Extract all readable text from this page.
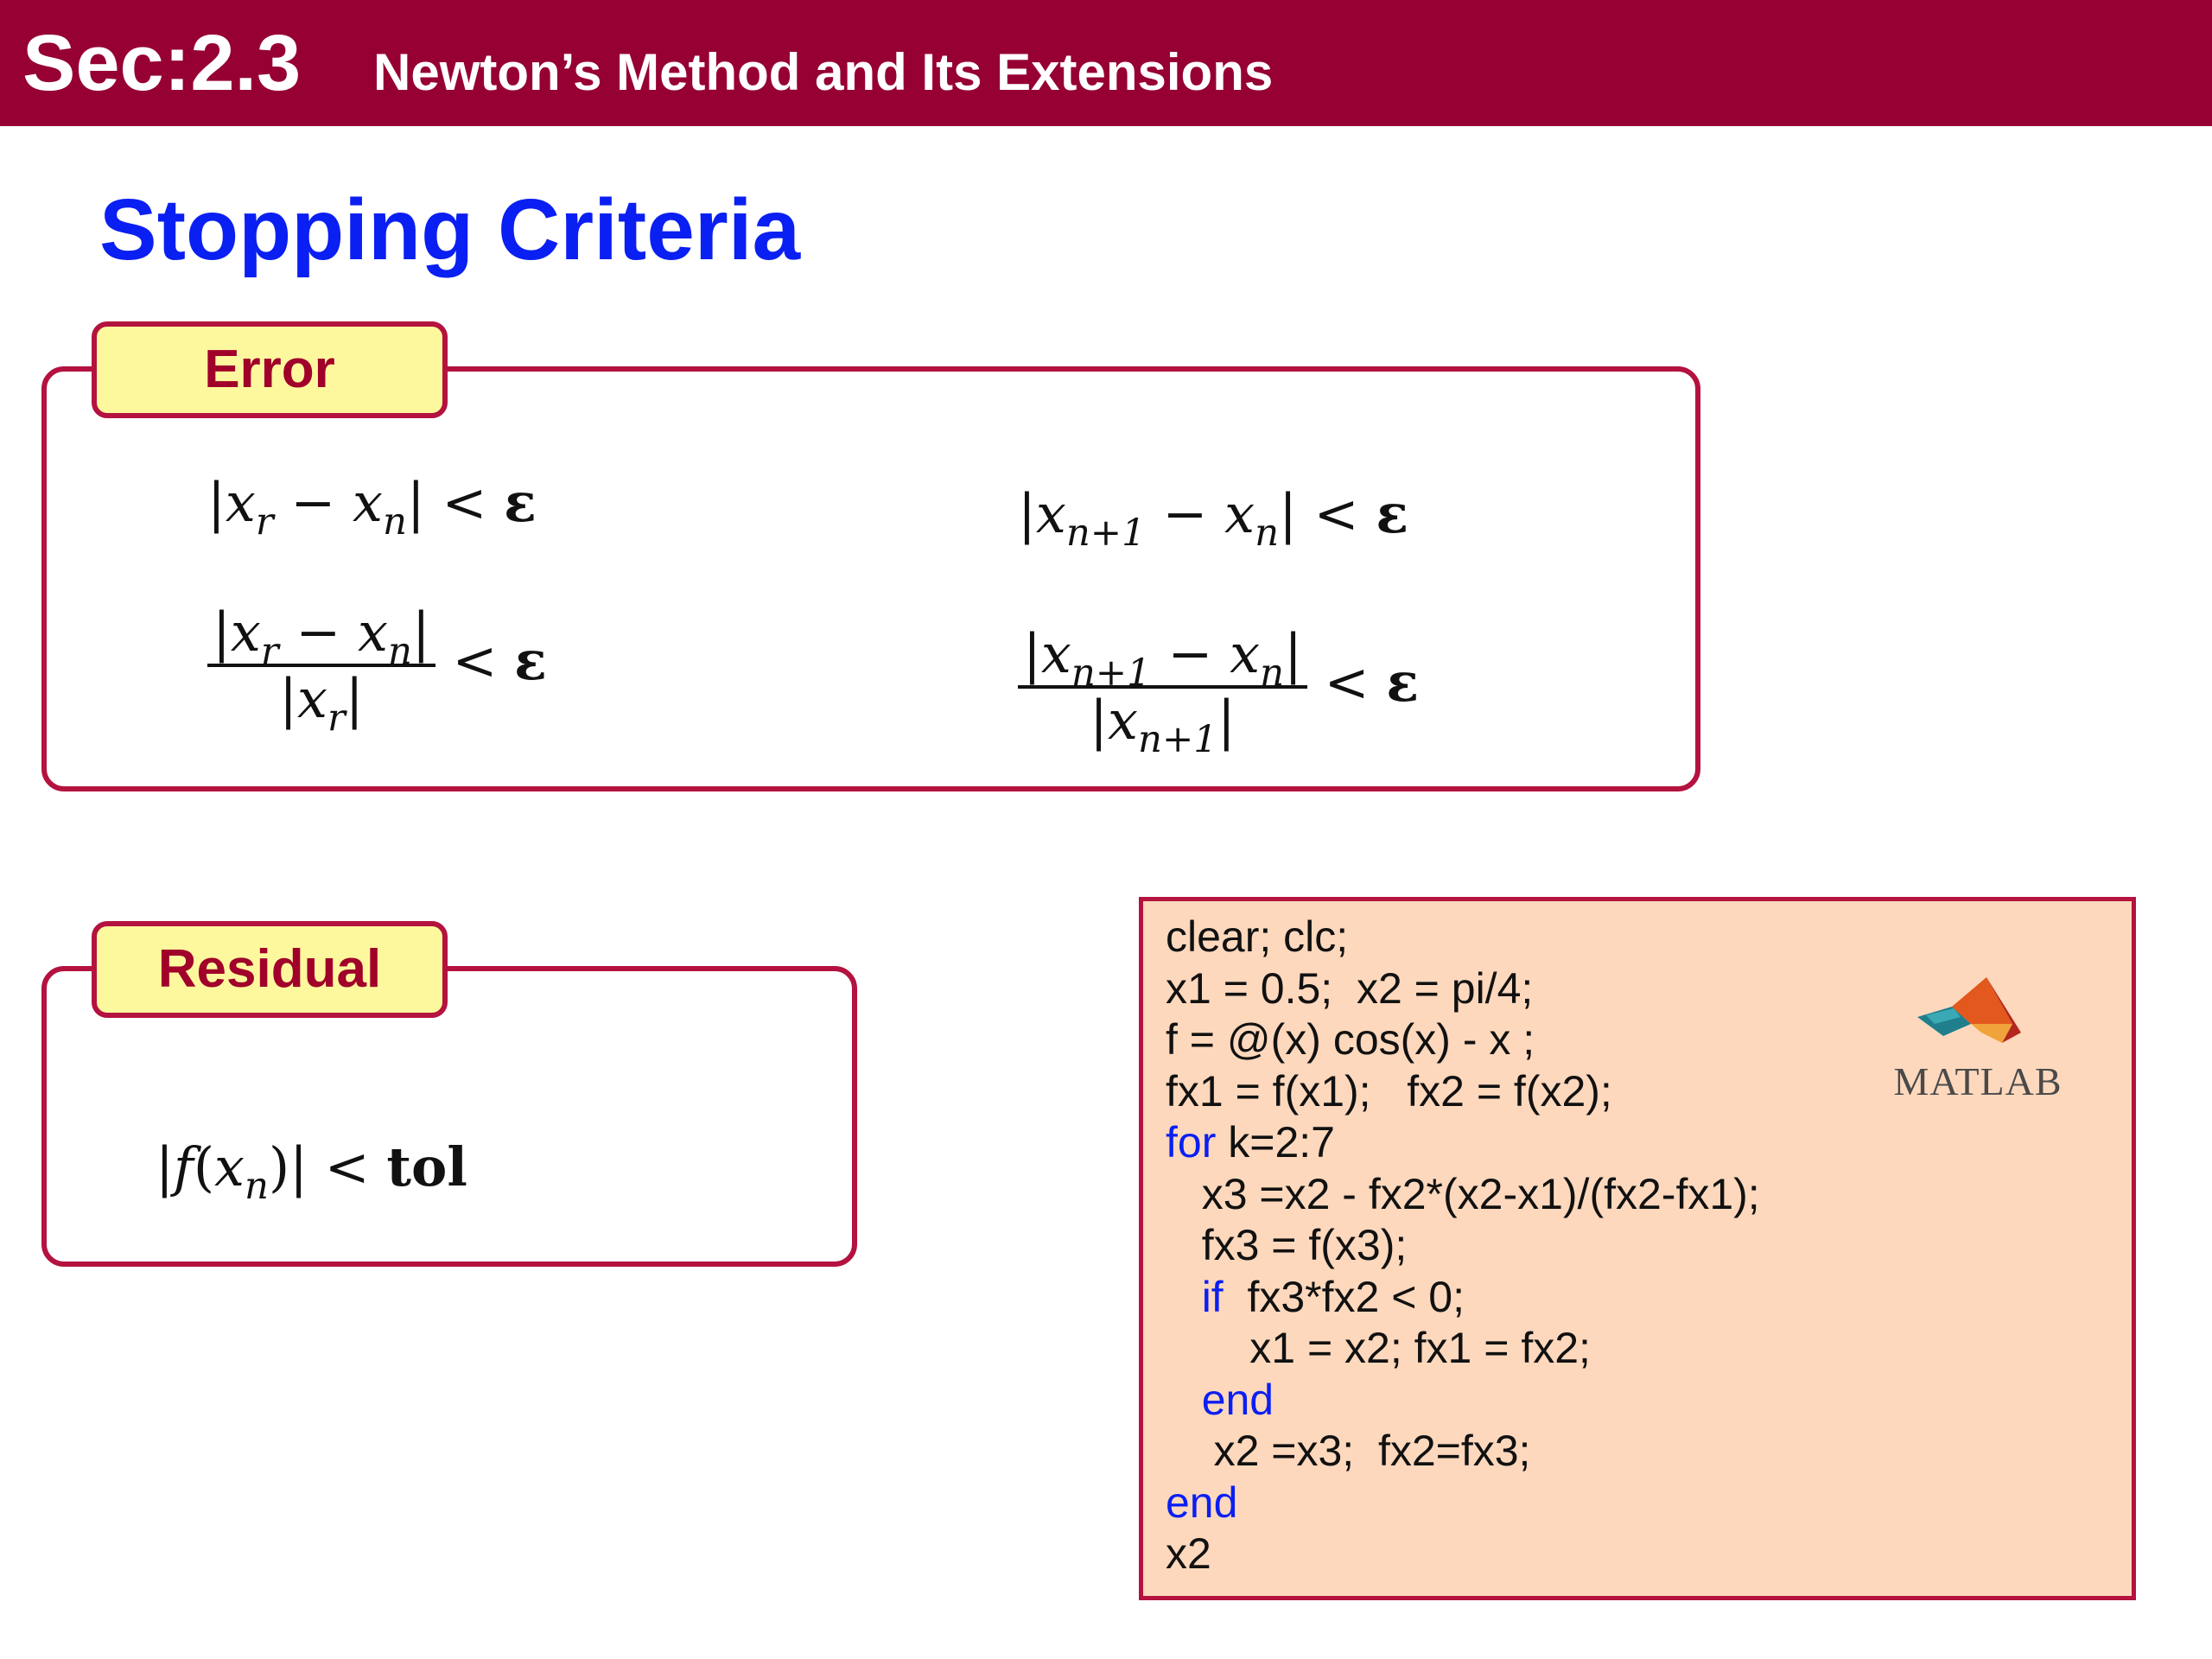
Sec:2.3 Newton’s Method and Its Extensions
Stopping Criteria
$|x_r - x_n| < \varepsilon$
$\frac{|x_r - x_n|}{|x_r|} < \varepsilon$
$|x_{n+1} - x_n| < \varepsilon$
$\frac{|x_{n+1} - x_n|}{|x_{n+1}|} < \varepsilon$
Error
$|f(x_n)|$ < tol
Residual
clear; clc;
x1 = 0.5;  x2 = pi/4;
f = @(x) cos(x) - x ;
fx1 = f(x1);   fx2 = f(x2);
for k=2:7
x3 =x2 - fx2*(x2-x1)/(fx2-fx1);
fx3 = f(x3);
if  fx3*fx2 < 0;
x1 = x2; fx1 = fx2;
end
x2 =x3;  fx2=fx3;
end
x2
MATLAB
